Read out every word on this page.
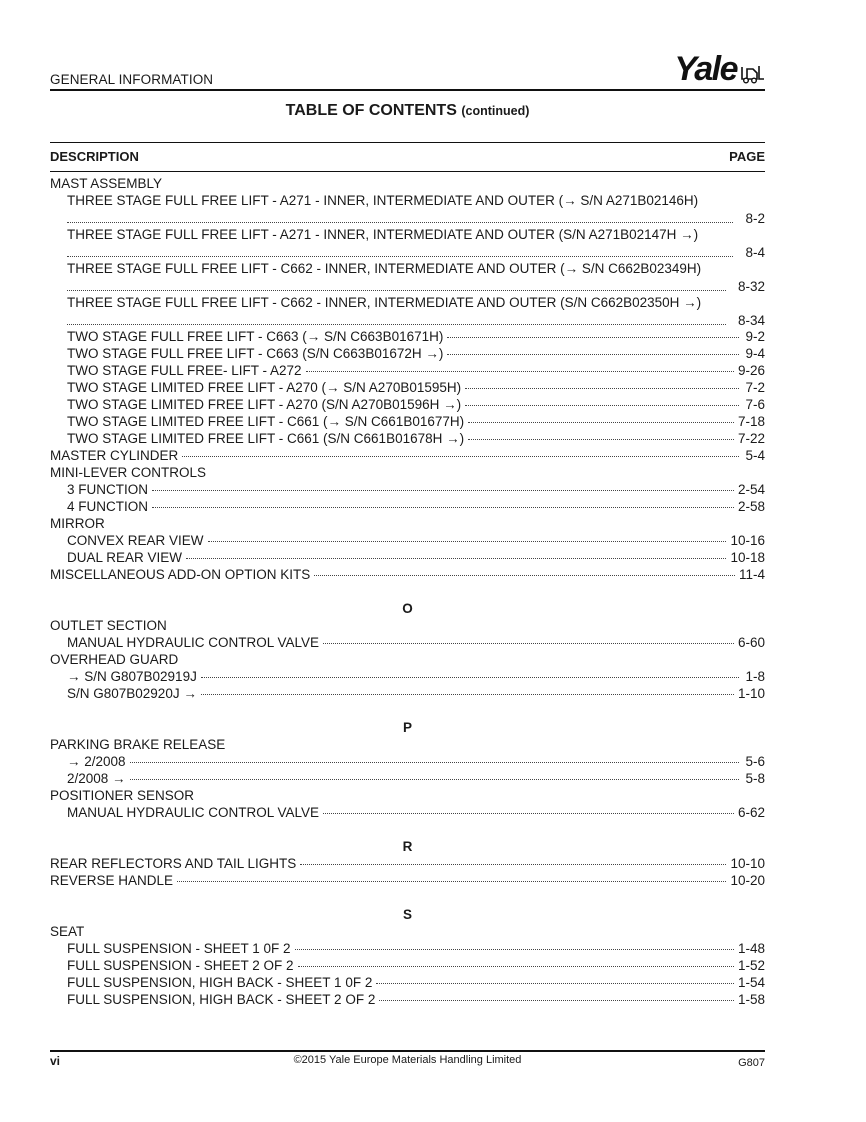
GENERAL INFORMATION	Yale
TABLE OF CONTENTS (continued)
DESCRIPTION	PAGE
MAST ASSEMBLY
THREE STAGE FULL FREE LIFT - A271 - INNER, INTERMEDIATE AND OUTER (→ S/N A271B02146H)
8-2
THREE STAGE FULL FREE LIFT - A271 - INNER, INTERMEDIATE AND OUTER (S/N A271B02147H →)
8-4
THREE STAGE FULL FREE LIFT - C662 - INNER, INTERMEDIATE AND OUTER (→ S/N C662B02349H)
8-32
THREE STAGE FULL FREE LIFT - C662 - INNER, INTERMEDIATE AND OUTER (S/N C662B02350H →)
8-34
TWO STAGE FULL FREE LIFT - C663 (→ S/N C663B01671H)	9-2
TWO STAGE FULL FREE LIFT - C663 (S/N C663B01672H →)	9-4
TWO STAGE FULL FREE- LIFT - A272	9-26
TWO STAGE LIMITED FREE LIFT - A270 (→ S/N A270B01595H)	7-2
TWO STAGE LIMITED FREE LIFT - A270 (S/N A270B01596H →)	7-6
TWO STAGE LIMITED FREE LIFT - C661 (→ S/N C661B01677H)	7-18
TWO STAGE LIMITED FREE LIFT - C661 (S/N C661B01678H →)	7-22
MASTER CYLINDER	5-4
MINI-LEVER CONTROLS
3 FUNCTION	2-54
4 FUNCTION	2-58
MIRROR
CONVEX REAR VIEW	10-16
DUAL REAR VIEW	10-18
MISCELLANEOUS ADD-ON OPTION KITS	11-4
O
OUTLET SECTION
MANUAL HYDRAULIC CONTROL VALVE	6-60
OVERHEAD GUARD
→ S/N G807B02919J	1-8
S/N G807B02920J →	1-10
P
PARKING BRAKE RELEASE
→ 2/2008	5-6
2/2008 →	5-8
POSITIONER SENSOR
MANUAL HYDRAULIC CONTROL VALVE	6-62
R
REAR REFLECTORS AND TAIL LIGHTS	10-10
REVERSE HANDLE	10-20
S
SEAT
FULL SUSPENSION - SHEET 1 0F 2	1-48
FULL SUSPENSION - SHEET 2 OF 2	1-52
FULL SUSPENSION, HIGH BACK - SHEET 1 0F 2	1-54
FULL SUSPENSION, HIGH BACK - SHEET 2 OF 2	1-58
vi	©2015 Yale Europe Materials Handling Limited	G807
